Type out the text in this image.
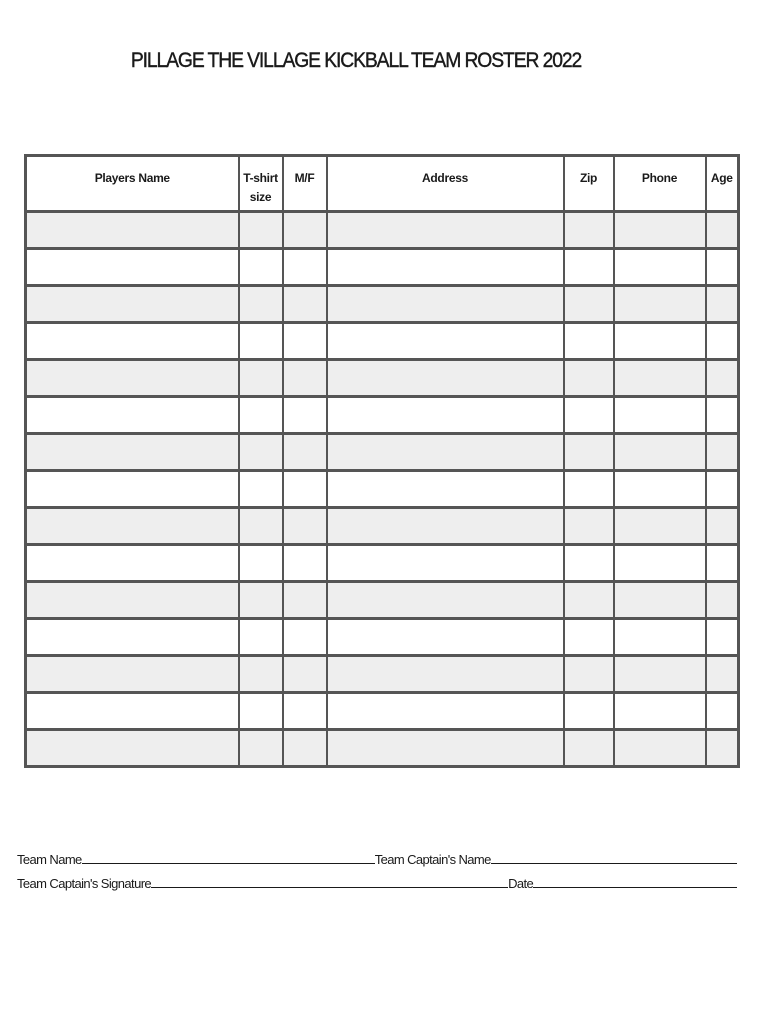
PILLAGE THE VILLAGE KICKBALL TEAM ROSTER 2022
Players Name	T-shirt size	M/F	Address	Zip	Phone	Age

Team Name	Team Captain's Name
Team Captain's Signature	Date
